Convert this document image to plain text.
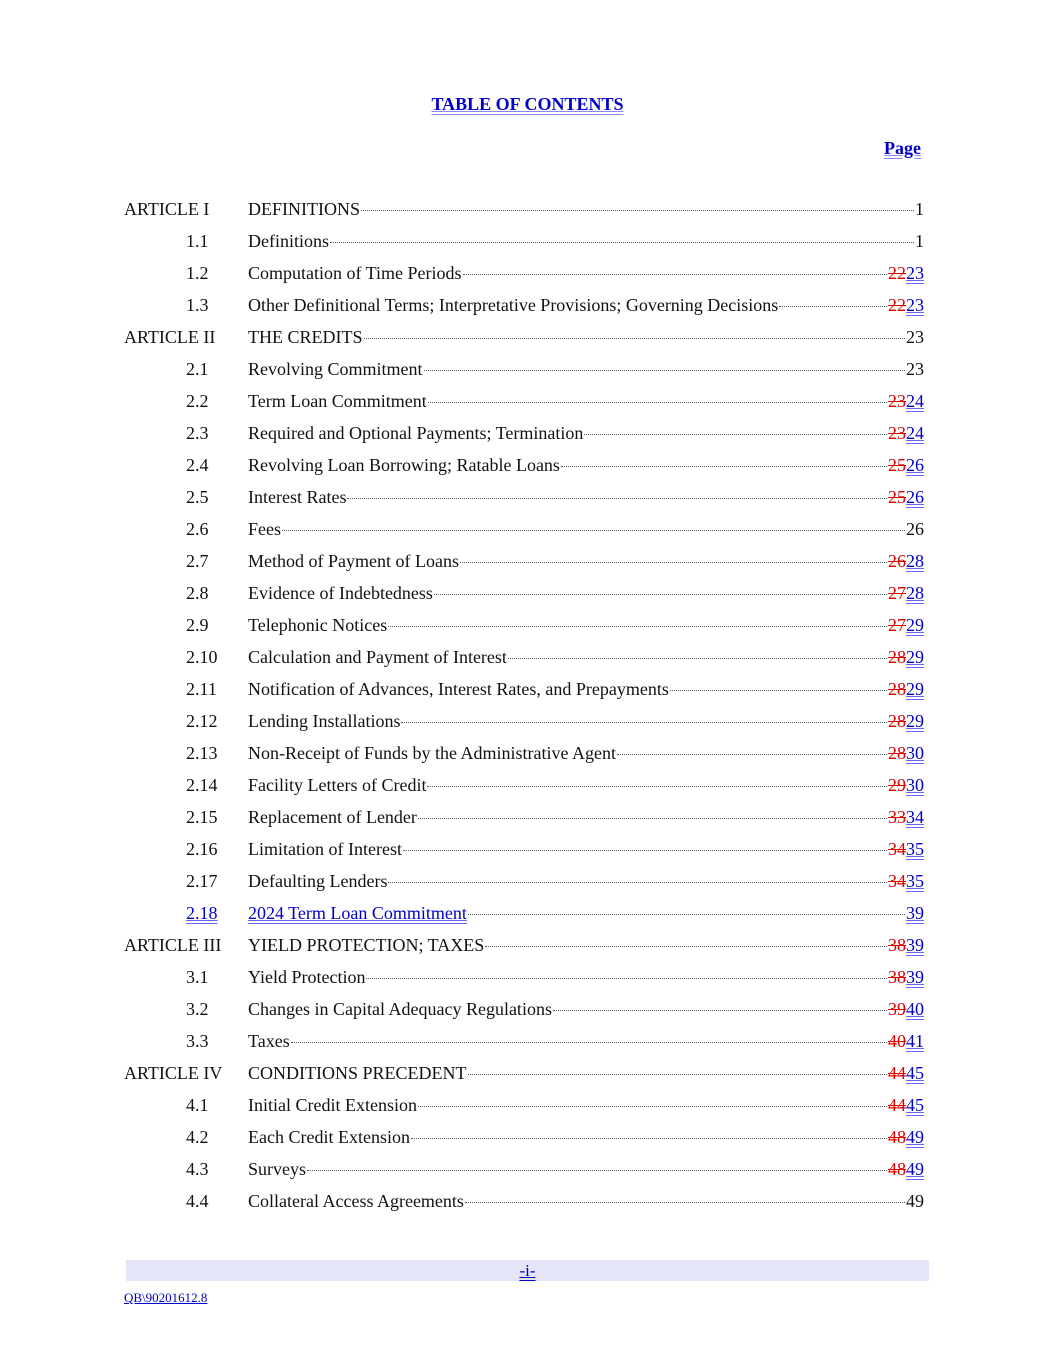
TABLE OF CONTENTS
Page
ARTICLE I	DEFINITIONS	1
1.1	Definitions	1
1.2	Computation of Time Periods	2223
1.3	Other Definitional Terms; Interpretative Provisions; Governing Decisions	2223
ARTICLE II	THE CREDITS	23
2.1	Revolving Commitment	23
2.2	Term Loan Commitment	2324
2.3	Required and Optional Payments; Termination	2324
2.4	Revolving Loan Borrowing; Ratable Loans	2526
2.5	Interest Rates	2526
2.6	Fees	26
2.7	Method of Payment of Loans	2628
2.8	Evidence of Indebtedness	2728
2.9	Telephonic Notices	2729
2.10	Calculation and Payment of Interest	2829
2.11	Notification of Advances, Interest Rates, and Prepayments	2829
2.12	Lending Installations	2829
2.13	Non-Receipt of Funds by the Administrative Agent	2830
2.14	Facility Letters of Credit	2930
2.15	Replacement of Lender	3334
2.16	Limitation of Interest	3435
2.17	Defaulting Lenders	3435
2.18	2024 Term Loan Commitment	39
ARTICLE III	YIELD PROTECTION; TAXES	3839
3.1	Yield Protection	3839
3.2	Changes in Capital Adequacy Regulations	3940
3.3	Taxes	4041
ARTICLE IV	CONDITIONS PRECEDENT	4445
4.1	Initial Credit Extension	4445
4.2	Each Credit Extension	4849
4.3	Surveys	4849
4.4	Collateral Access Agreements	49
-i-
QB\90201612.8
